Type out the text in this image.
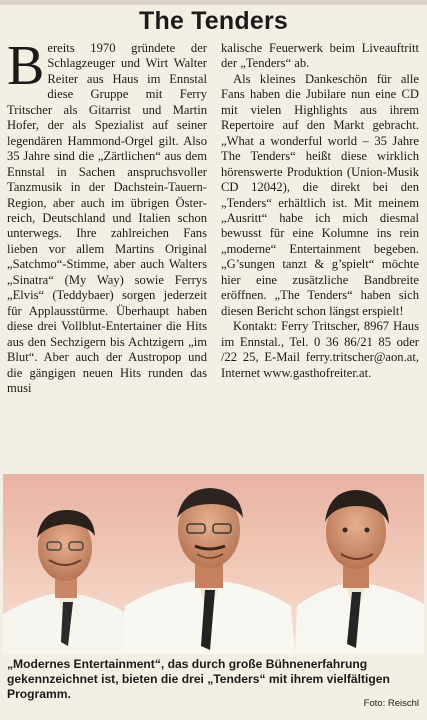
The Tenders

Bereits 1970 gründete der Schlagzeuger und Wirt Walter Reiter aus Haus im Ennstal diese Gruppe mit Ferry Tritscher als Gitarrist und Martin Hofer, der als Spezialist auf seiner legendären Hammond-Orgel gilt. Also 35 Jahre sind die „Zärtlichen“ aus dem Ennstal in Sachen anspruchsvoller Tanzmusik in der Dachstein-Tauern-Region, aber auch im übrigen Österreich, Deutschland und Italien schon unterwegs. Ihre zahlreichen Fans lieben vor allem Martins Original „Satchmo“-Stimme, aber auch Walters „Sinatra“ (My Way) sowie Ferrys „Elvis“ (Teddybaer) sorgen jederzeit für Applausstürme. Überhaupt haben diese drei Vollblut-Entertainer die Hits aus den Sechzigern bis Achtzigern „im Blut“. Aber auch der Austropop und die gängigen neuen Hits runden das musi

kalische Feuerwerk beim Liveauftritt der „Tenders“ ab.

Als kleines Dankeschön für alle Fans haben die Jubilare nun eine CD mit vielen Highlights aus ihrem Repertoire auf den Markt gebracht. „What a wonderful world – 35 Jahre The Tenders“ heißt diese wirklich hörenswerte Produktion (Union-Musik CD 12042), die direkt bei den „Tenders“ erhältlich ist. Mit meinem „Ausritt“ habe ich mich diesmal bewusst für eine Kolumne ins rein „moderne“ Entertainment begeben. „G’sungen tanzt & g’spielt“ möchte hier eine zusätzliche Bandbreite eröffnen. „The Tenders“ haben sich diesen Bericht schon längst erspielt!

Kontakt: Ferry Tritscher, 8967 Haus im Ennstal., Tel. 0 36 86/21 85 oder /22 25, E-Mail ferry.tritscher@aon.at, Internet www.gasthofreiter.at.

„Modernes Entertainment“, das durch große Bühnenerfahrung gekennzeichnet ist, bieten die drei „Tenders“ mit ihrem vielfältigen Programm.
Foto: Reischl
